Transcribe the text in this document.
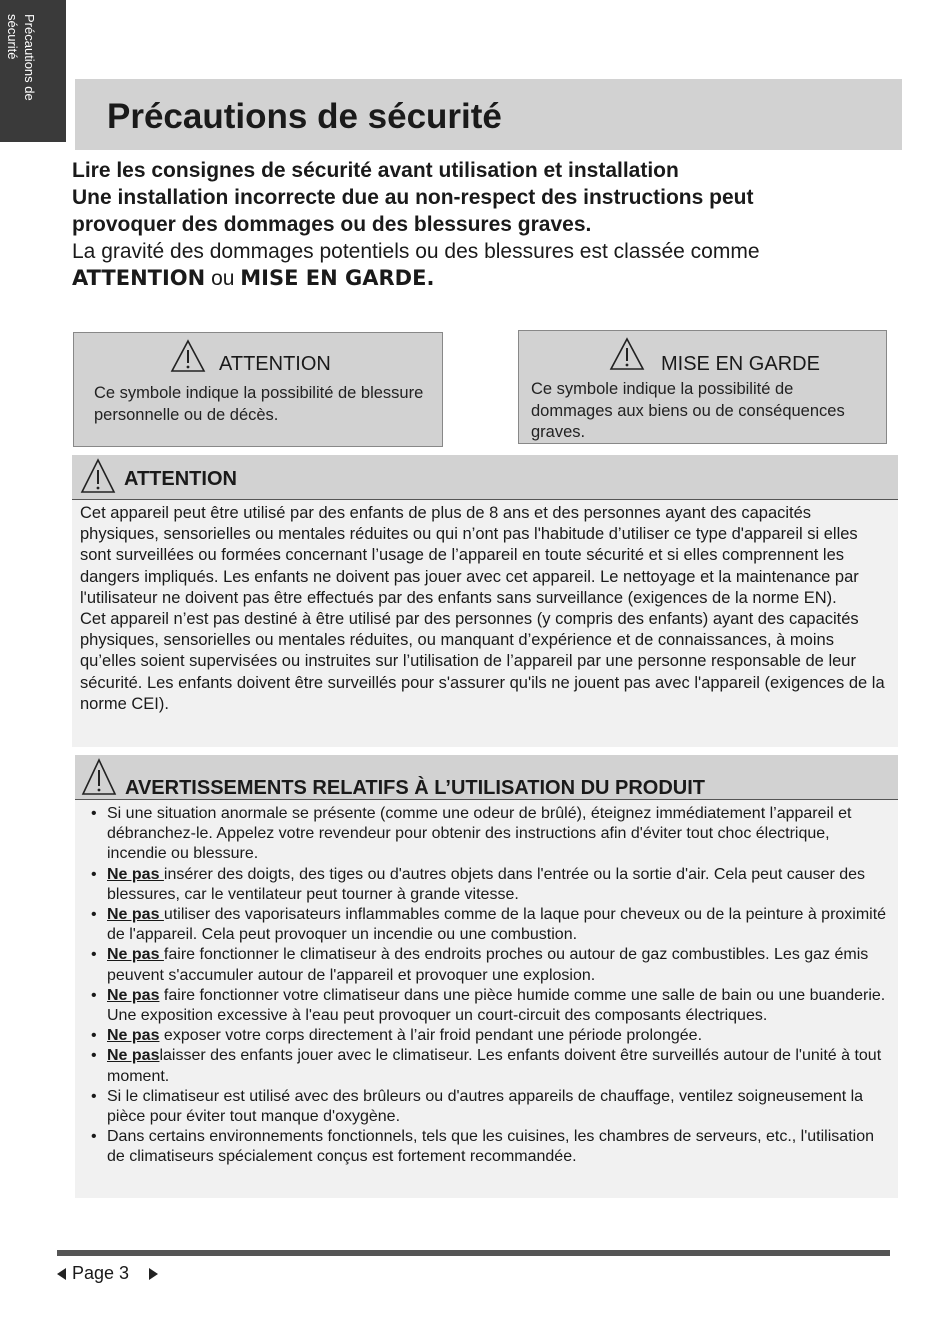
Précautions de
sécurité
Précautions de sécurité
Lire les consignes de sécurité avant utilisation et installation
Une installation incorrecte due au non-respect des instructions peut provoquer des dommages ou des blessures graves.
La gravité des dommages potentiels ou des blessures est classée comme
ATTENTION ou MISE EN GARDE.
ATTENTION
Ce symbole indique la possibilité de blessure personnelle ou de décès.
MISE EN GARDE
Ce symbole indique la possibilité de dommages aux biens ou de conséquences graves.
ATTENTION

Cet appareil peut être utilisé par des enfants de plus de 8 ans et des personnes ayant des capacités physiques, sensorielles ou mentales réduites ou qui n’ont pas l'habitude d’utiliser ce type d'appareil si elles sont surveillées ou formées concernant l’usage de l’appareil en toute sécurité et si elles comprennent les dangers impliqués. Les enfants ne doivent pas jouer avec cet appareil. Le nettoyage et la maintenance par l'utilisateur ne doivent pas être effectués par des enfants sans surveillance (exigences de la norme EN).

Cet appareil n’est pas destiné à être utilisé par des personnes (y compris des enfants) ayant des capacités physiques, sensorielles ou mentales réduites, ou manquant d’expérience et de connaissances, à moins qu’elles soient supervisées ou instruites sur l’utilisation de l’appareil par une personne responsable de leur sécurité. Les enfants doivent être surveillés pour s'assurer qu'ils ne jouent pas avec l'appareil (exigences de la norme CEI).

AVERTISSEMENTS RELATIFS À L’UTILISATION DU PRODUIT
• Si une situation anormale se présente (comme une odeur de brûlé), éteignez immédiatement l’appareil et débranchez-le. Appelez votre revendeur pour obtenir des instructions afin d'éviter tout choc électrique, incendie ou blessure.
• Ne pas insérer des doigts, des tiges ou d'autres objets dans l'entrée ou la sortie d'air. Cela peut causer des blessures, car le ventilateur peut tourner à grande vitesse.
• Ne pas utiliser des vaporisateurs inflammables comme de la laque pour cheveux ou de la peinture à proximité de l'appareil. Cela peut provoquer un incendie ou une combustion.
• Ne pas faire fonctionner le climatiseur à des endroits proches ou autour de gaz combustibles. Les gaz émis peuvent s'accumuler autour de l'appareil et provoquer une explosion.
• Ne pas faire fonctionner votre climatiseur dans une pièce humide comme une salle de bain ou une buanderie. Une exposition excessive à l'eau peut provoquer un court-circuit des composants électriques.
• Ne pas exposer votre corps directement à l’air froid pendant une période prolongée.
• Ne paslaisser des enfants jouer avec le climatiseur. Les enfants doivent être surveillés autour de l'unité à tout moment.
• Si le climatiseur est utilisé avec des brûleurs ou d'autres appareils de chauffage, ventilez soigneusement la pièce pour éviter tout manque d'oxygène.
• Dans certains environnements fonctionnels, tels que les cuisines, les chambres de serveurs, etc., l'utilisation de climatiseurs spécialement conçus est fortement recommandée.
Page 3
